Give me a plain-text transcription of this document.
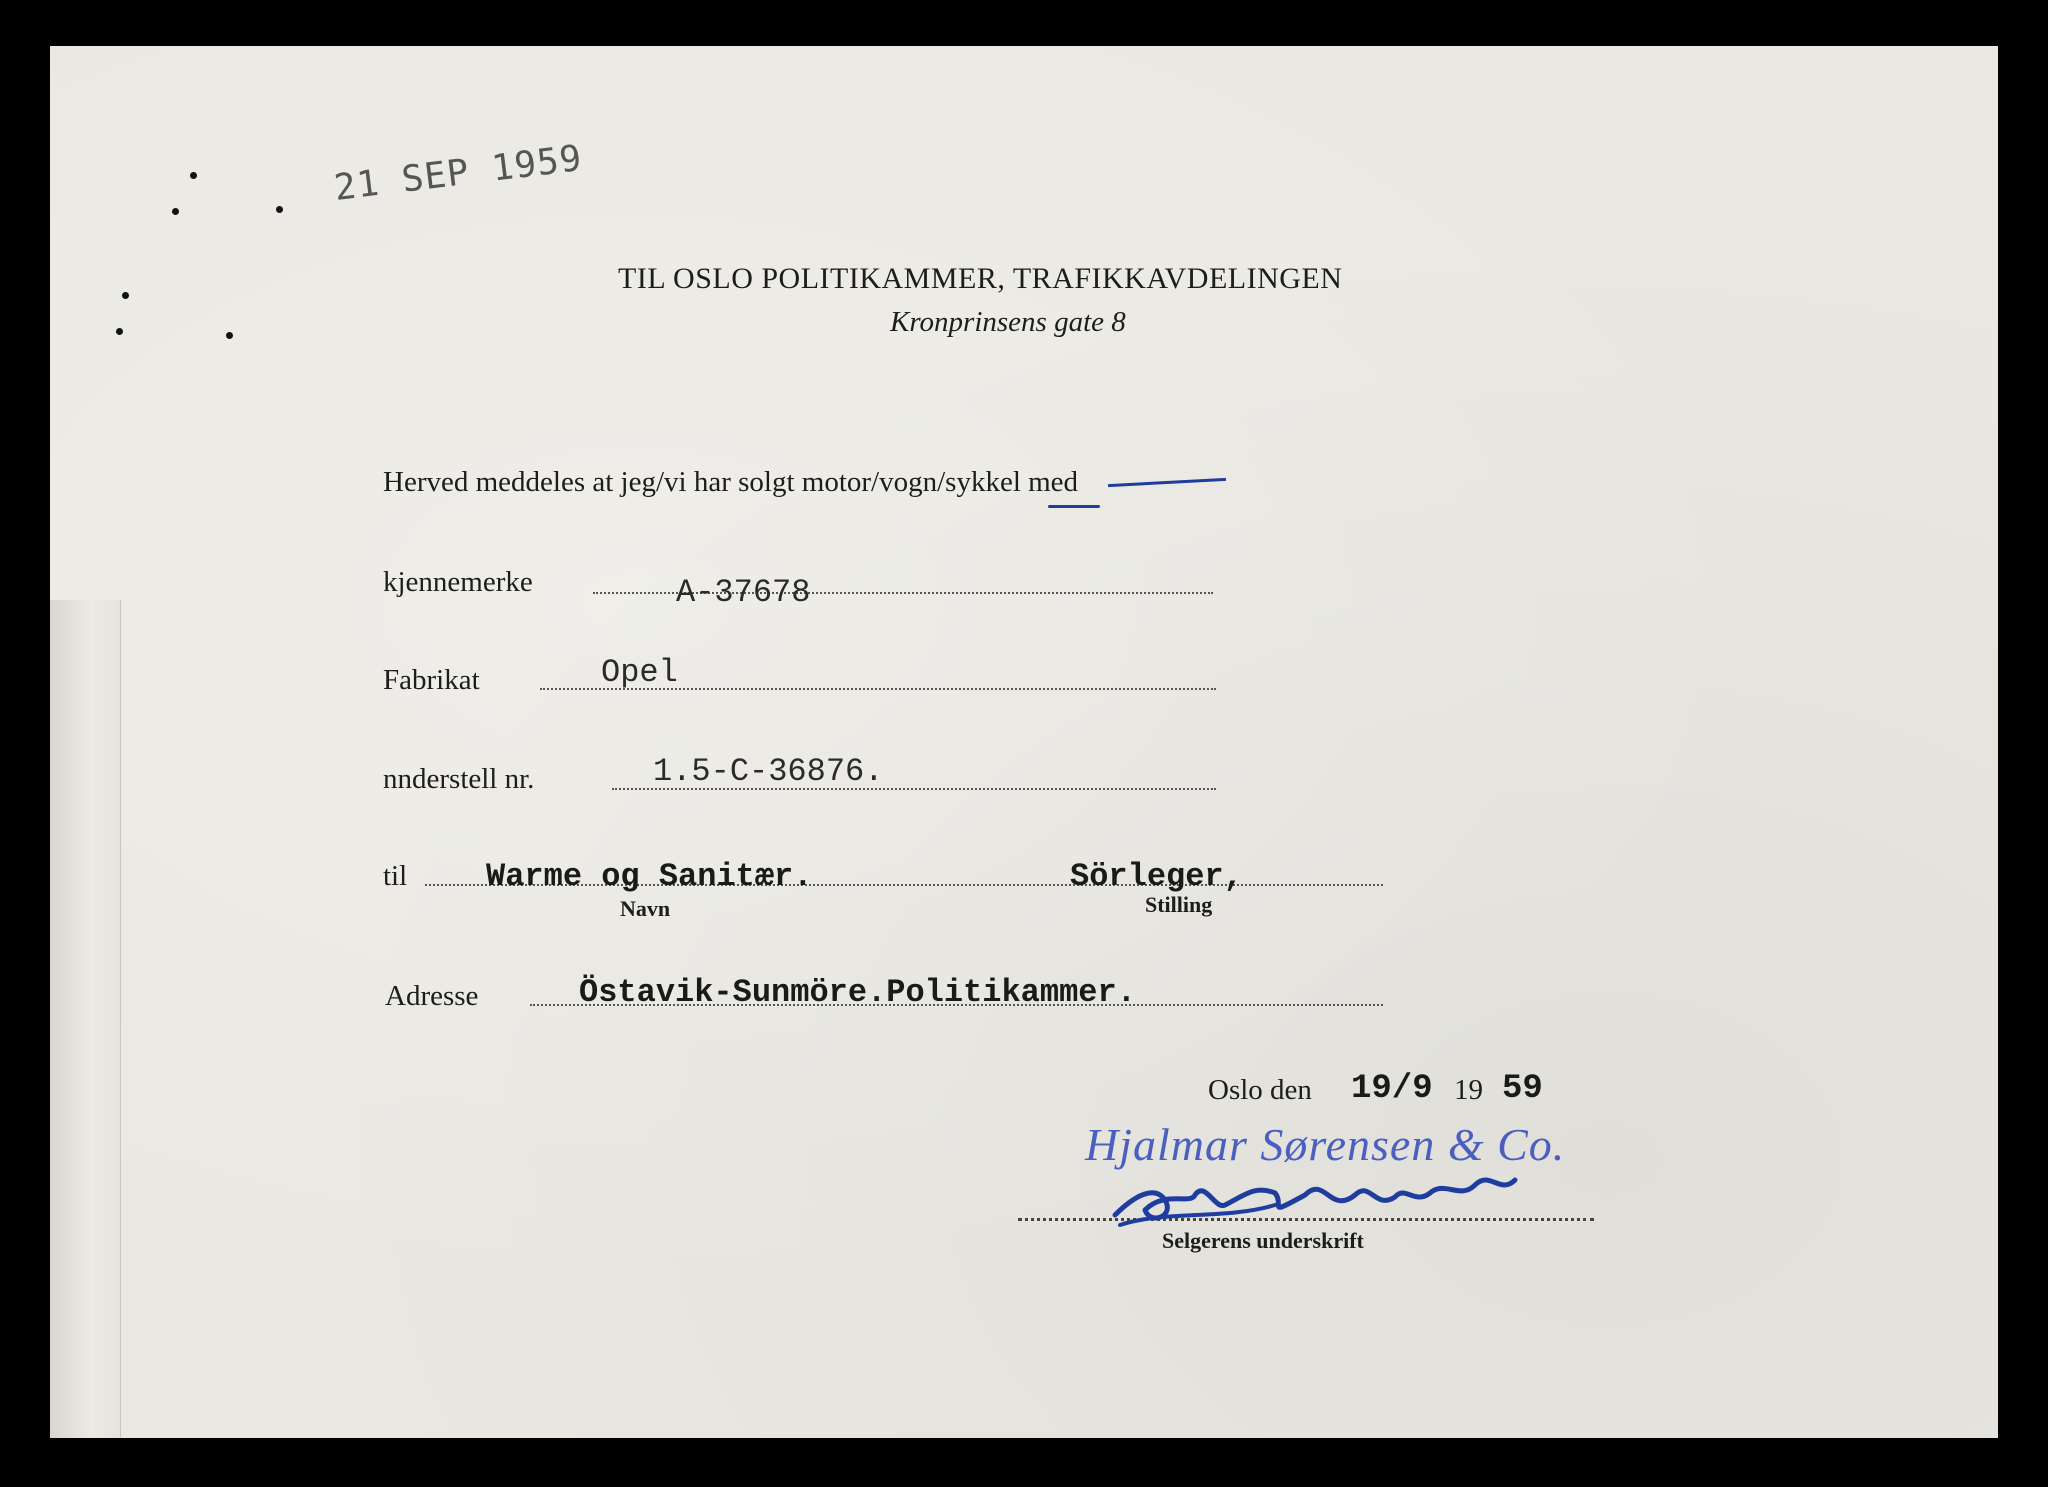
21 SEP 1959
TIL OSLO POLITIKAMMER, TRAFIKKAVDELINGEN
Kronprinsens gate 8
Herved meddeles at jeg/vi har solgt motor/vogn/sykkel med
kjennemerke	A-37678
Fabrikat	Opel
nnderstell nr.	1.5-C-36876.
til Warme og Sanitær.
Navn
Sörleger,
Stilling
Adresse	Östavik-Sunmöre.Politikammer.
Oslo den 19/9 19 59
Hjalmar Sørensen & Co.
Selgerens underskrift
